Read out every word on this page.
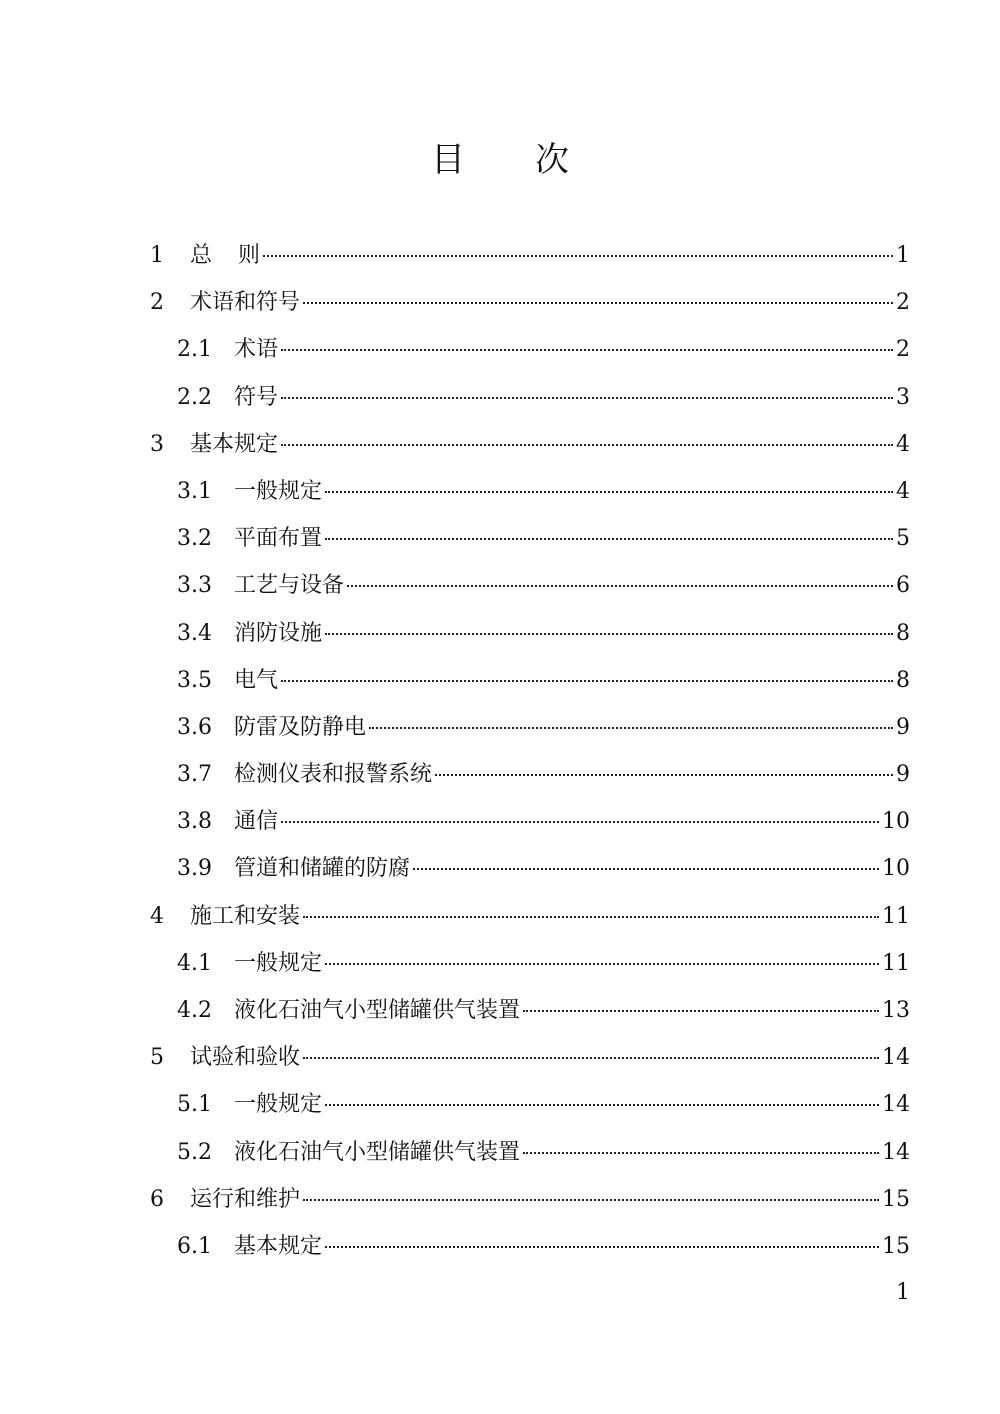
目 次
1	总则	1
2	术语和符号	2
2.1	术语	2
2.2	符号	3
3	基本规定	4
3.1	一般规定	4
3.2	平面布置	5
3.3	工艺与设备	6
3.4	消防设施	8
3.5	电气	8
3.6	防雷及防静电	9
3.7	检测仪表和报警系统	9
3.8	通信	10
3.9	管道和储罐的防腐	10
4	施工和安装	11
4.1	一般规定	11
4.2	液化石油气小型储罐供气装置	13
5	试验和验收	14
5.1	一般规定	14
5.2	液化石油气小型储罐供气装置	14
6	运行和维护	15
6.1	基本规定	15
1
